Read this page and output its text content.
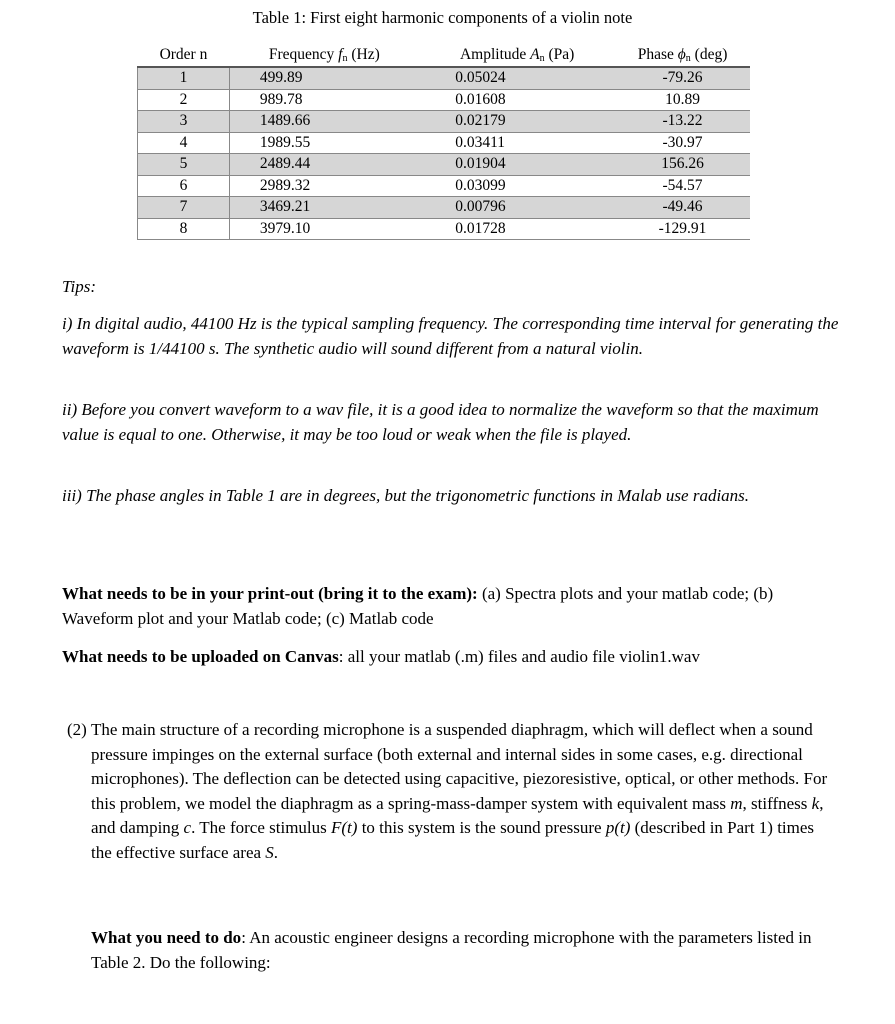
Table 1: First eight harmonic components of a violin note
Order n	Frequency $f_n$ (Hz)	Amplitude $A_n$ (Pa)	Phase $\phi_n$ (deg)
1	499.89	0.05024	-79.26
2	989.78	0.01608	10.89
3	1489.66	0.02179	-13.22
4	1989.55	0.03411	-30.97
5	2489.44	0.01904	156.26
6	2989.32	0.03099	-54.57
7	3469.21	0.00796	-49.46
8	3979.10	0.01728	-129.91
Tips:
i) In digital audio, 44100 Hz is the typical sampling frequency. The corresponding time interval for generating the waveform is 1/44100 s. The synthetic audio will sound different from a natural violin.
ii) Before you convert waveform to a wav file, it is a good idea to normalize the waveform so that the maximum value is equal to one. Otherwise, it may be too loud or weak when the file is played.
iii) The phase angles in Table 1 are in degrees, but the trigonometric functions in Malab use radians.
What needs to be in your print-out (bring it to the exam): (a) Spectra plots and your matlab code; (b) Waveform plot and your Matlab code; (c) Matlab code
What needs to be uploaded on Canvas: all your matlab (.m) files and audio file violin1.wav
(2) The main structure of a recording microphone is a suspended diaphragm, which will deflect when a sound pressure impinges on the external surface (both external and internal sides in some cases, e.g. directional microphones). The deflection can be detected using capacitive, piezoresistive, optical, or other methods. For this problem, we model the diaphragm as a spring-mass-damper system with equivalent mass m, stiffness k, and damping c. The force stimulus F(t) to this system is the sound pressure p(t) (described in Part 1) times the effective surface area S.
What you need to do: An acoustic engineer designs a recording microphone with the parameters listed in Table 2. Do the following:
